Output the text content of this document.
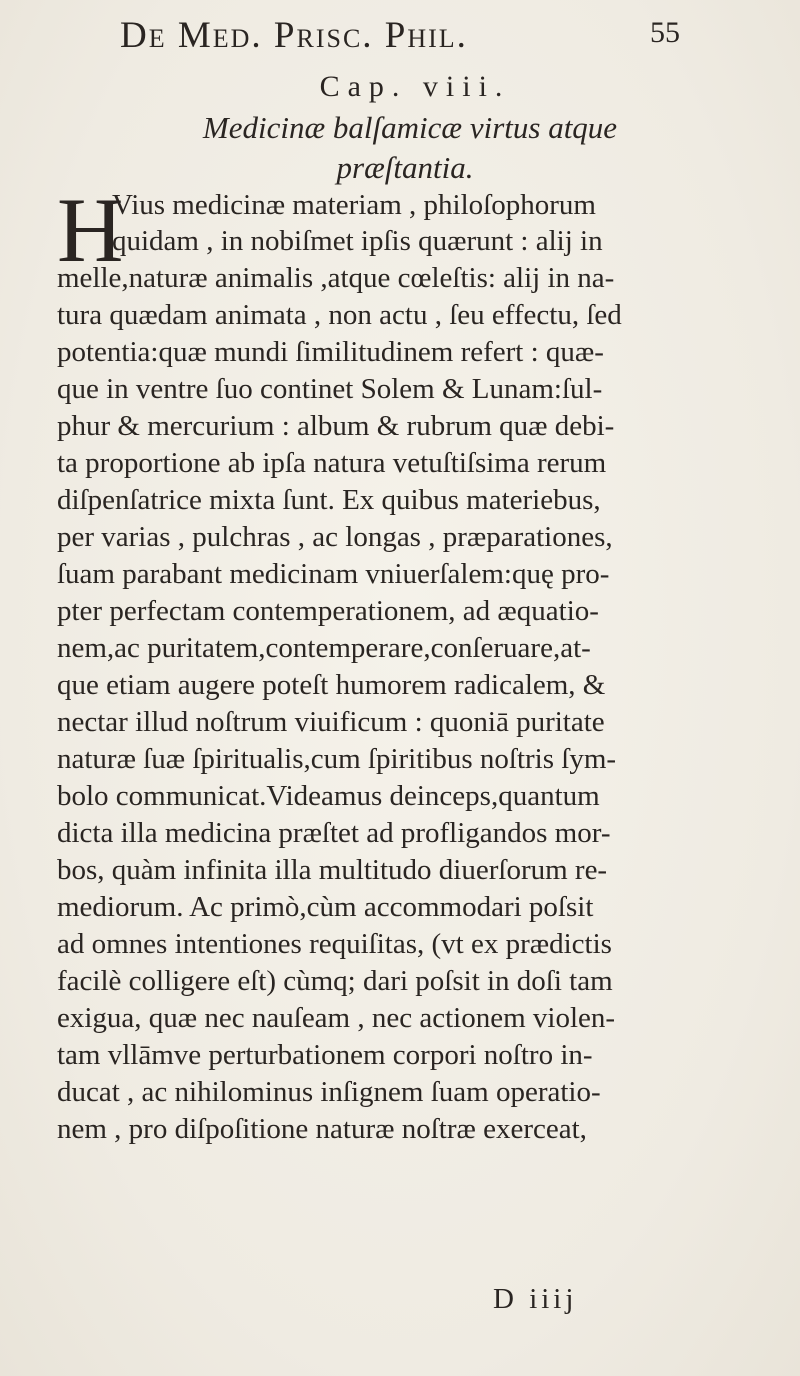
De Med. Prisc. Phil.	55
Cap. viii.
Medicinæ balſamicæ virtus atque
præſtantia.
H
Vius medicinæ materiam , philoſophorum
quidam , in nobiſmet ipſis quærunt : alij in
melle,naturæ animalis ,atque cœleſtis: alij in na-
tura quædam animata , non actu , ſeu effectu, ſed
potentia:quæ mundi ſimilitudinem refert : quæ-
que in ventre ſuo continet Solem & Lunam:ſul-
phur & mercurium : album & rubrum quæ debi-
ta proportione ab ipſa natura vetuſtiſsima rerum
diſpenſatrice mixta ſunt. Ex quibus materiebus,
per varias , pulchras , ac longas , præparationes,
ſuam parabant medicinam vniuerſalem:quę pro-
pter perfectam contemperationem, ad æquatio-
nem,ac puritatem,contemperare,conſeruare,at-
que etiam augere poteſt humorem radicalem, &
nectar illud noſtrum viuificum : quoniā puritate
naturæ ſuæ ſpiritualis,cum ſpiritibus noſtris ſym-
bolo communicat.Videamus deinceps,quantum
dicta illa medicina præſtet ad profligandos mor-
bos, quàm infinita illa multitudo diuerſorum re-
mediorum. Ac primò,cùm accommodari poſsit
ad omnes intentiones requiſitas, (vt ex prædictis
facilè colligere eſt) cùmq; dari poſsit in doſi tam
exigua, quæ nec nauſeam , nec actionem violen-
tam vllāmve perturbationem corpori noſtro in-
ducat , ac nihilominus inſignem ſuam operatio-
nem , pro diſpoſitione naturæ noſtræ exerceat,
D iiij
